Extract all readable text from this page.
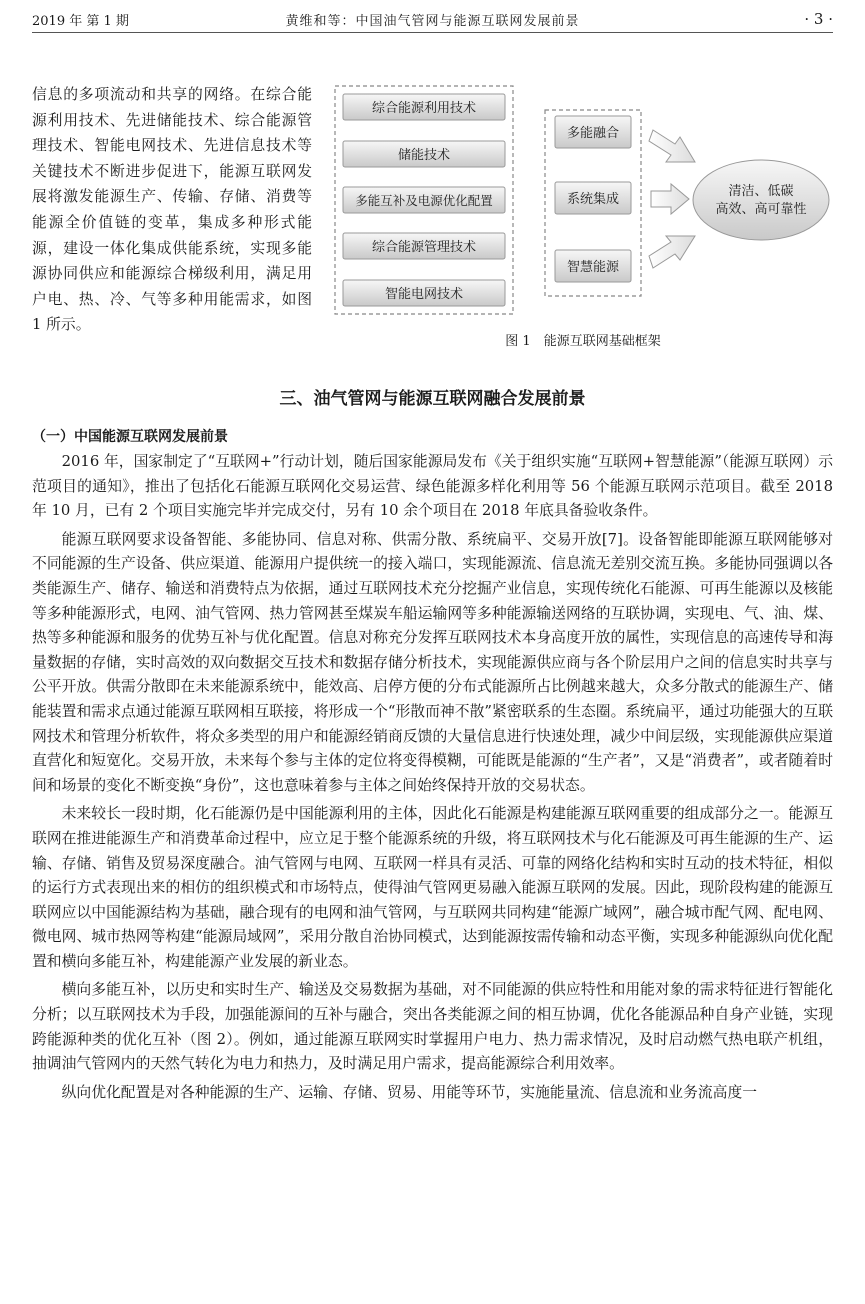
2019 年 第 1 期	黄维和等：中国油气管网与能源互联网发展前景	· 3 ·
信息的多项流动和共享的网络。在综合能源利用技术、先进储能技术、综合能源管理技术、智能电网技术、先进信息技术等关键技术不断进步促进下，能源互联网发展将激发能源生产、传输、存储、消费等能源全价值链的变革，集成多种形式能源，建设一体化集成供能系统，实现多能源协同供应和能源综合梯级利用，满足用户电、热、冷、气等多种用能需求，如图 1 所示。
综合能源利用技术
储能技术
多能互补及电源优化配置
综合能源管理技术
智能电网技术
多能融合
系统集成
智慧能源
清洁、低碳
高效、高可靠性
图 1　能源互联网基础框架
三、油气管网与能源互联网融合发展前景
（一）中国能源互联网发展前景

2016 年，国家制定了“互联网+”行动计划，随后国家能源局发布《关于组织实施“互联网+智慧能源”（能源互联网）示范项目的通知》，推出了包括化石能源互联网化交易运营、绿色能源多样化利用等 56 个能源互联网示范项目。截至 2018 年 10 月，已有 2 个项目实施完毕并完成交付，另有 10 余个项目在 2018 年底具备验收条件。

能源互联网要求设备智能、多能协同、信息对称、供需分散、系统扁平、交易开放[7]。设备智能即能源互联网能够对不同能源的生产设备、供应渠道、能源用户提供统一的接入端口，实现能源流、信息流无差别交流互换。多能协同强调以各类能源生产、储存、输送和消费特点为依据，通过互联网技术充分挖掘产业信息，实现传统化石能源、可再生能源以及核能等多种能源形式，电网、油气管网、热力管网甚至煤炭车船运输网等多种能源输送网络的互联协调，实现电、气、油、煤、热等多种能源和服务的优势互补与优化配置。信息对称充分发挥互联网技术本身高度开放的属性，实现信息的高速传导和海量数据的存储，实时高效的双向数据交互技术和数据存储分析技术，实现能源供应商与各个阶层用户之间的信息实时共享与公平开放。供需分散即在未来能源系统中，能效高、启停方便的分布式能源所占比例越来越大，众多分散式的能源生产、储能装置和需求点通过能源互联网相互联接，将形成一个“形散而神不散”紧密联系的生态圈。系统扁平，通过功能强大的互联网技术和管理分析软件，将众多类型的用户和能源经销商反馈的大量信息进行快速处理，减少中间层级，实现能源供应渠道直营化和短宽化。交易开放，未来每个参与主体的定位将变得模糊，可能既是能源的“生产者”，又是“消费者”，或者随着时间和场景的变化不断变换“身份”，这也意味着参与主体之间始终保持开放的交易状态。

未来较长一段时期，化石能源仍是中国能源利用的主体，因此化石能源是构建能源互联网重要的组成部分之一。能源互联网在推进能源生产和消费革命过程中，应立足于整个能源系统的升级，将互联网技术与化石能源及可再生能源的生产、运输、存储、销售及贸易深度融合。油气管网与电网、互联网一样具有灵活、可靠的网络化结构和实时互动的技术特征，相似的运行方式表现出来的相仿的组织模式和市场特点，使得油气管网更易融入能源互联网的发展。因此，现阶段构建的能源互联网应以中国能源结构为基础，融合现有的电网和油气管网，与互联网共同构建“能源广域网”，融合城市配气网、配电网、微电网、城市热网等构建“能源局域网”，采用分散自治协同模式，达到能源按需传输和动态平衡，实现多种能源纵向优化配置和横向多能互补，构建能源产业发展的新业态。

横向多能互补，以历史和实时生产、输送及交易数据为基础，对不同能源的供应特性和用能对象的需求特征进行智能化分析；以互联网技术为手段，加强能源间的互补与融合，突出各类能源之间的相互协调，优化各能源品种自身产业链，实现跨能源种类的优化互补（图 2）。例如，通过能源互联网实时掌握用户电力、热力需求情况，及时启动燃气热电联产机组，抽调油气管网内的天然气转化为电力和热力，及时满足用户需求，提高能源综合利用效率。

纵向优化配置是对各种能源的生产、运输、存储、贸易、用能等环节，实施能量流、信息流和业务流高度一
